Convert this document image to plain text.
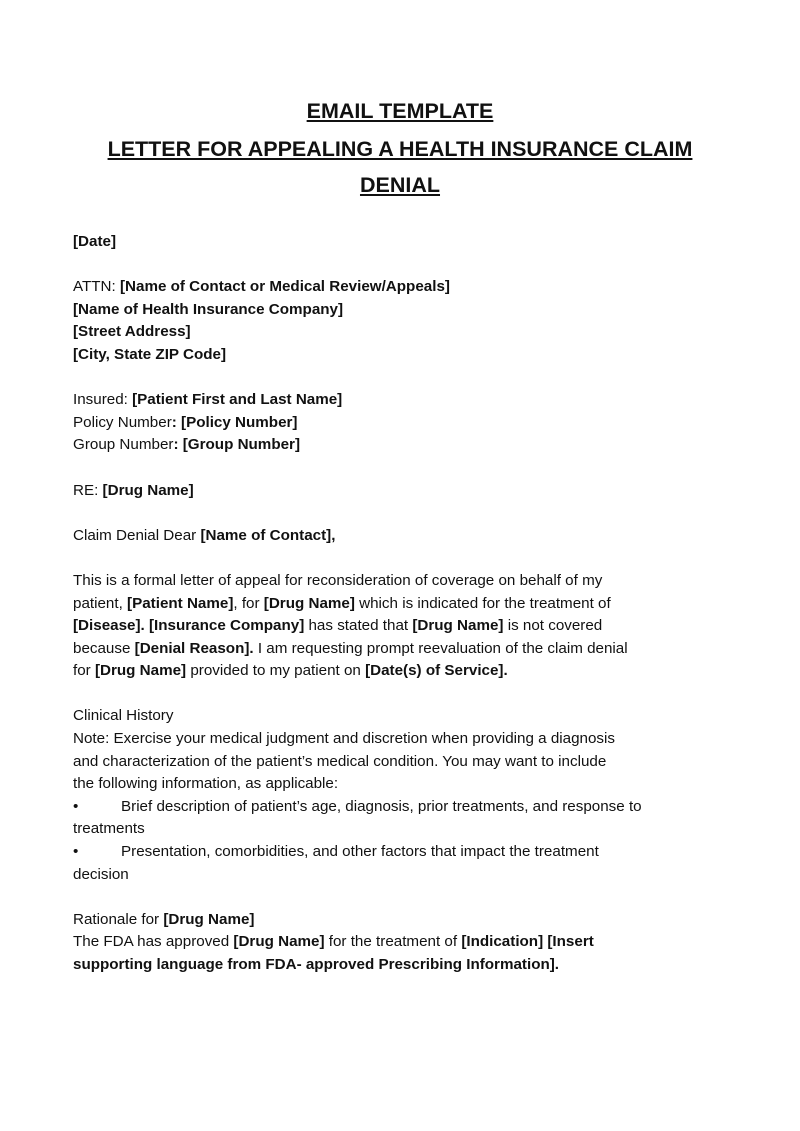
EMAIL TEMPLATE
LETTER FOR APPEALING A HEALTH INSURANCE CLAIM
DENIAL
[Date]
ATTN: [Name of Contact or Medical Review/Appeals]
[Name of Health Insurance Company]
[Street Address]
[City, State ZIP Code]
Insured: [Patient First and Last Name]
Policy Number: [Policy Number]
Group Number: [Group Number]
RE: [Drug Name]
Claim Denial Dear [Name of Contact],
This is a formal letter of appeal for reconsideration of coverage on behalf of my
patient, [Patient Name], for [Drug Name] which is indicated for the treatment of
[Disease]. [Insurance Company] has stated that [Drug Name] is not covered
because [Denial Reason]. I am requesting prompt reevaluation of the claim denial
for [Drug Name] provided to my patient on [Date(s) of Service].
Clinical History
Note: Exercise your medical judgment and discretion when providing a diagnosis
and characterization of the patient’s medical condition. You may want to include
the following information, as applicable:
•	Brief description of patient’s age, diagnosis, prior treatments, and response to
treatments
•	Presentation, comorbidities, and other factors that impact the treatment
decision
Rationale for [Drug Name]
The FDA has approved [Drug Name] for the treatment of [Indication] [Insert
supporting language from FDA- approved Prescribing Information].
